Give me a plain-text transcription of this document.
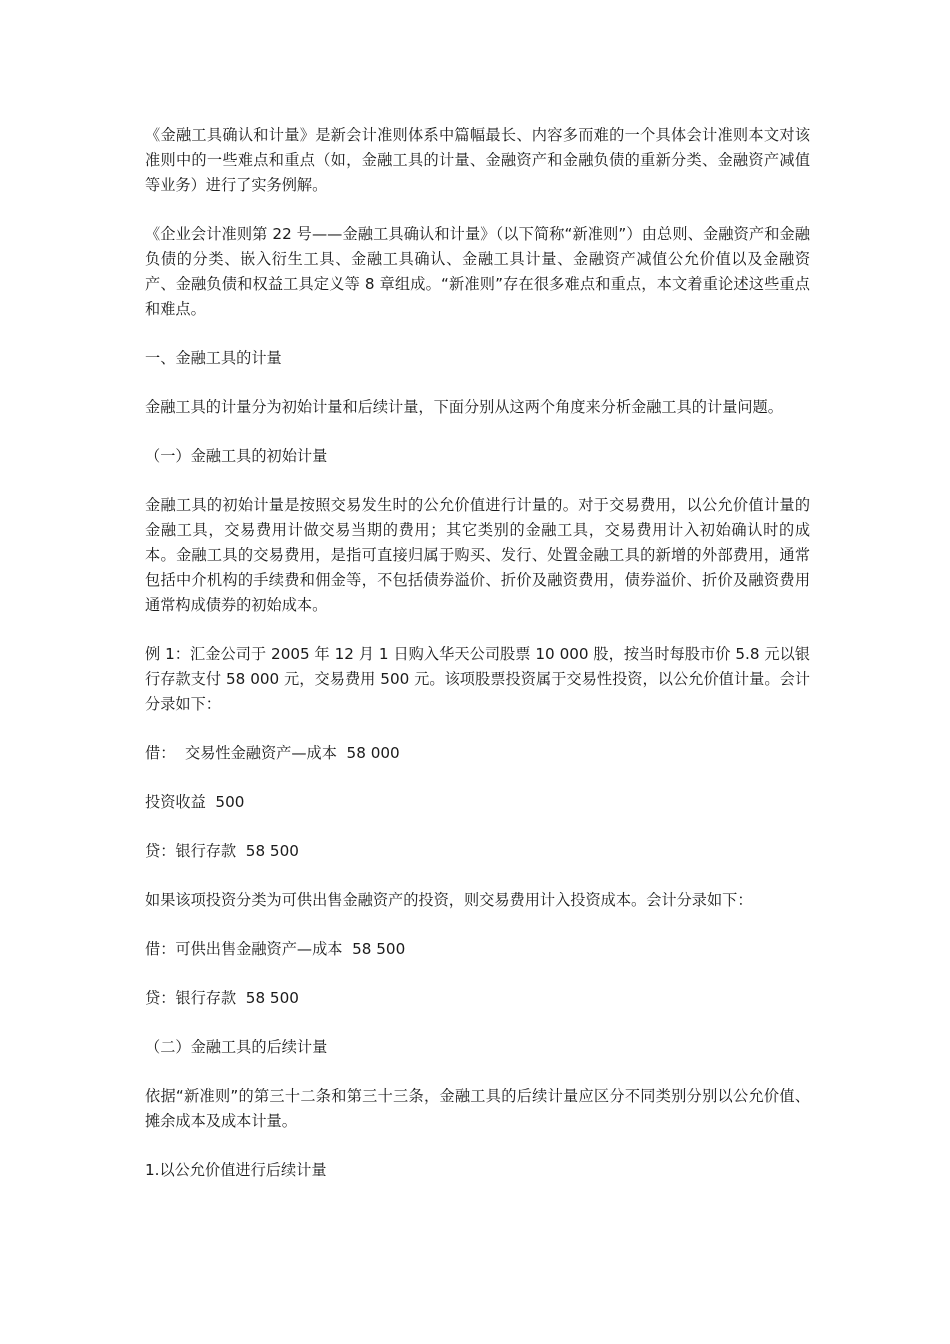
《金融工具确认和计量》是新会计准则体系中篇幅最长、内容多而难的一个具体会计准则本文对该准则中的一些难点和重点（如，金融工具的计量、金融资产和金融负债的重新分类、金融资产减值等业务）进行了实务例解。

《企业会计准则第 22 号——金融工具确认和计量》（以下简称“新准则”）由总则、金融资产和金融负债的分类、嵌入衍生工具、金融工具确认、金融工具计量、金融资产减值公允价值以及金融资产、金融负债和权益工具定义等 8 章组成。“新准则”存在很多难点和重点，本文着重论述这些重点和难点。

一、金融工具的计量

金融工具的计量分为初始计量和后续计量，下面分别从这两个角度来分析金融工具的计量问题。

（一）金融工具的初始计量

金融工具的初始计量是按照交易发生时的公允价值进行计量的。对于交易费用，以公允价值计量的金融工具，交易费用计做交易当期的费用；其它类别的金融工具，交易费用计入初始确认时的成本。金融工具的交易费用，是指可直接归属于购买、发行、处置金融工具的新增的外部费用，通常包括中介机构的手续费和佣金等，不包括债券溢价、折价及融资费用，债券溢价、折价及融资费用通常构成债券的初始成本。

例 1：汇金公司于 2005 年 12 月 1 日购入华天公司股票 10 000 股，按当时每股市价 5.8 元以银行存款支付 58 000 元，交易费用 500 元。该项股票投资属于交易性投资，以公允价值计量。会计分录如下：

借：  交易性金融资产—成本  58 000

投资收益  500

贷：银行存款  58 500

如果该项投资分类为可供出售金融资产的投资，则交易费用计入投资成本。会计分录如下：

借：可供出售金融资产—成本  58 500

贷：银行存款  58 500

（二）金融工具的后续计量

依据“新准则”的第三十二条和第三十三条，金融工具的后续计量应区分不同类别分别以公允价值、摊余成本及成本计量。

1.以公允价值进行后续计量
